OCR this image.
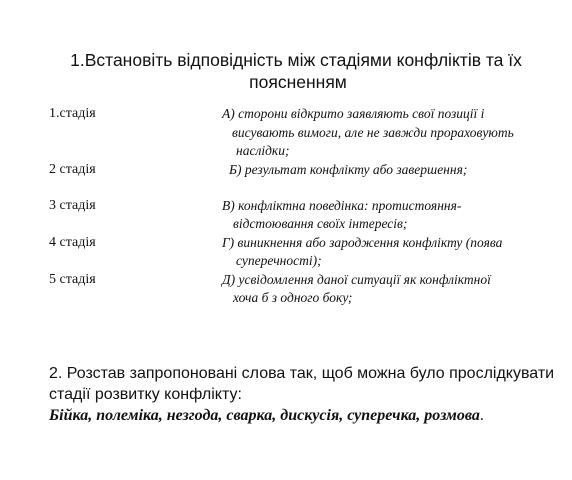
1.Встановіть відповідність між стадіями конфліктів та їх
поясненням
1.стадія
2 стадія
3 стадія
4 стадія
5 стадія
А) сторони відкрито заявляють свої позиції і
висувають вимоги, але не завжди прораховують
наслідки;
Б) результат конфлікту або завершення;
В) конфліктна поведінка: протистояння-
відстоювання своїх інтересів;
Г) виникнення або зародження конфлікту (поява
суперечності);
Д) усвідомлення даної ситуації як конфліктної
хоча б з одного боку;
2. Розстав запропоновані слова так, щоб можна було прослідкувати
стадії розвитку конфлікту:
Бійка, полеміка, незгода, сварка, дискусія, суперечка, розмова.
